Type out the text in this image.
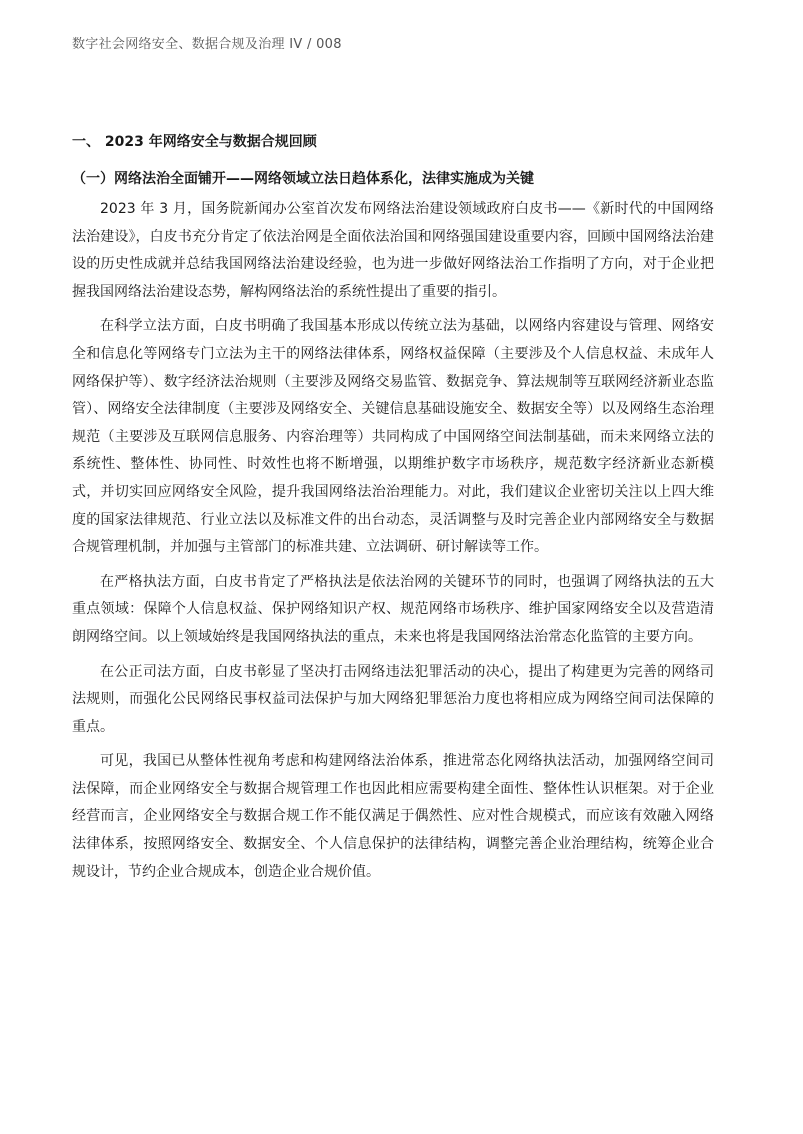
数字社会网络安全、数据合规及治理 IV / 008
一、 2023 年网络安全与数据合规回顾
（一）网络法治全面铺开——网络领域立法日趋体系化，法律实施成为关键

2023 年 3 月，国务院新闻办公室首次发布网络法治建设领域政府白皮书——《新时代的中国网络法治建设》，白皮书充分肯定了依法治网是全面依法治国和网络强国建设重要内容，回顾中国网络法治建设的历史性成就并总结我国网络法治建设经验，也为进一步做好网络法治工作指明了方向，对于企业把握我国网络法治建设态势，解构网络法治的系统性提出了重要的指引。

在科学立法方面，白皮书明确了我国基本形成以传统立法为基础，以网络内容建设与管理、网络安全和信息化等网络专门立法为主干的网络法律体系，网络权益保障（主要涉及个人信息权益、未成年人网络保护等）、数字经济法治规则（主要涉及网络交易监管、数据竞争、算法规制等互联网经济新业态监管）、网络安全法律制度（主要涉及网络安全、关键信息基础设施安全、数据安全等）以及网络生态治理规范（主要涉及互联网信息服务、内容治理等）共同构成了中国网络空间法制基础，而未来网络立法的系统性、整体性、协同性、时效性也将不断增强，以期维护数字市场秩序，规范数字经济新业态新模式，并切实回应网络安全风险，提升我国网络法治治理能力。对此，我们建议企业密切关注以上四大维度的国家法律规范、行业立法以及标准文件的出台动态，灵活调整与及时完善企业内部网络安全与数据合规管理机制，并加强与主管部门的标准共建、立法调研、研讨解读等工作。

在严格执法方面，白皮书肯定了严格执法是依法治网的关键环节的同时，也强调了网络执法的五大重点领域：保障个人信息权益、保护网络知识产权、规范网络市场秩序、维护国家网络安全以及营造清朗网络空间。以上领域始终是我国网络执法的重点，未来也将是我国网络法治常态化监管的主要方向。

在公正司法方面，白皮书彰显了坚决打击网络违法犯罪活动的决心，提出了构建更为完善的网络司法规则，而强化公民网络民事权益司法保护与加大网络犯罪惩治力度也将相应成为网络空间司法保障的重点。

可见，我国已从整体性视角考虑和构建网络法治体系，推进常态化网络执法活动，加强网络空间司法保障，而企业网络安全与数据合规管理工作也因此相应需要构建全面性、整体性认识框架。对于企业经营而言，企业网络安全与数据合规工作不能仅满足于偶然性、应对性合规模式，而应该有效融入网络法律体系，按照网络安全、数据安全、个人信息保护的法律结构，调整完善企业治理结构，统筹企业合规设计，节约企业合规成本，创造企业合规价值。
